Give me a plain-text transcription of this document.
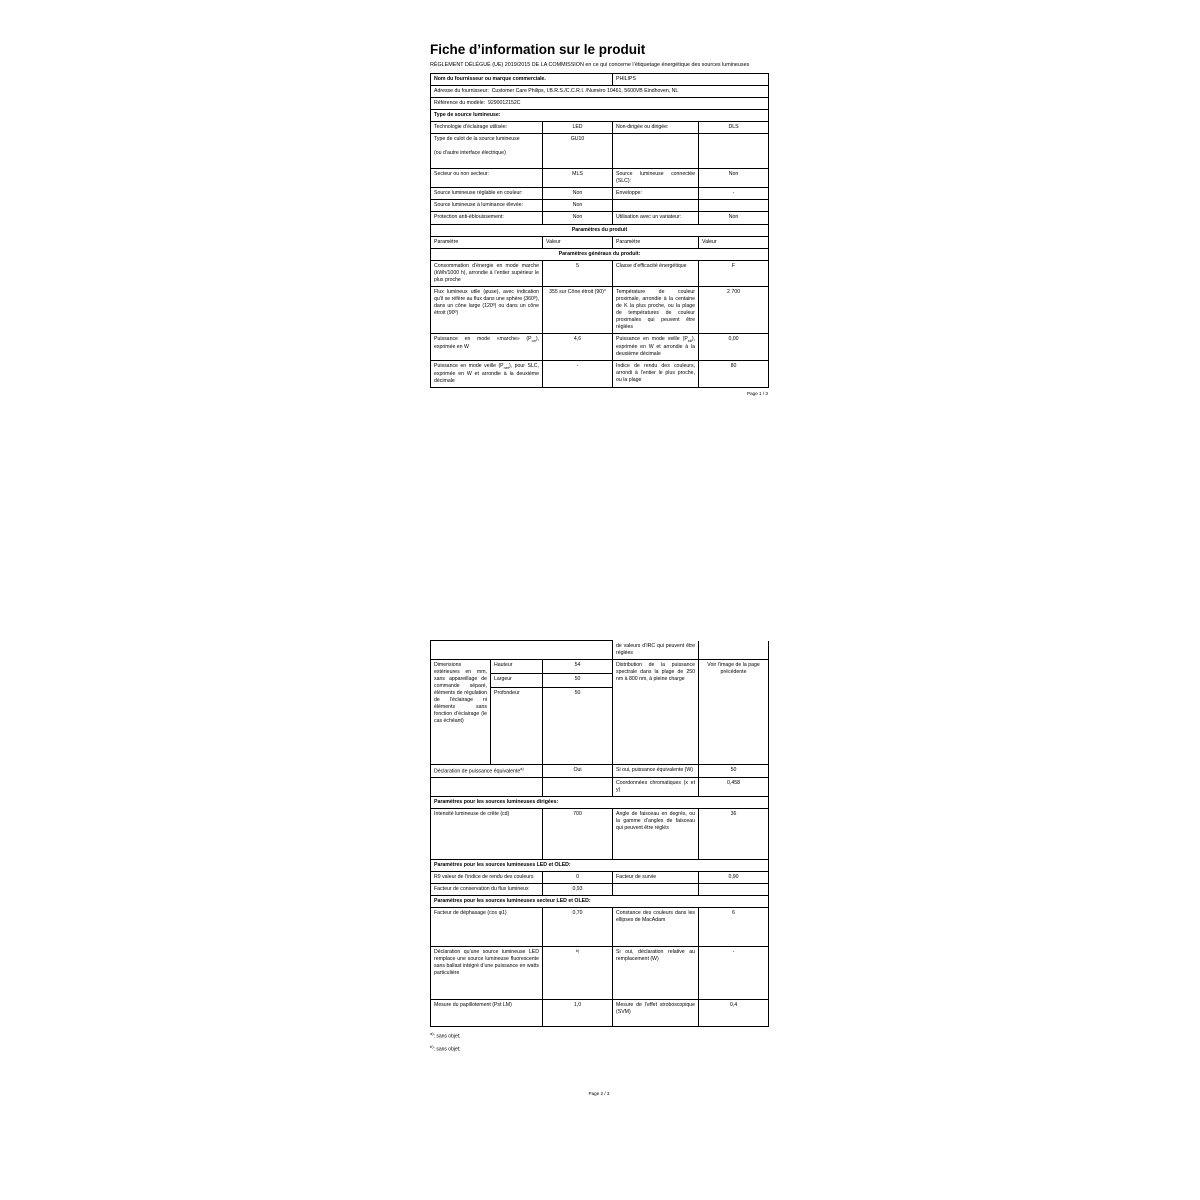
Fiche d’information sur le produit
RÈGLEMENT DÉLÉGUÉ (UE) 2019/2015 DE LA COMMISSION en ce qui concerne l’étiquetage énergétique des sources lumineuses
Nom du fournisseur ou marque commerciale.		PHILIPS	
Adresse du fournisseur: Customer Care Philips, I.B.R.S./C.C.R.I. /Numéro 10461, 5600VB Eindhoven, NL			
Référence du modèle: 9290012152C			
Type de source lumineuse:			
Technologie d’éclairage utilisée:	LED	Non-dirigée ou dirigée:	DLS
Type de culot de la source lumineuse

(ou d’autre interface électrique)	GU10		
Secteur ou non secteur:	MLS	Source lumineuse connectée (SLC):	Non
Source lumineuse réglable en couleur:	Non	Enveloppe:	-
Source lumineuse à luminance élevée:	Non		
Protection anti-éblouissement:	Non	Utilisation avec un variateur:	Non
Paramètres du produit			
Paramètre	Valeur	Paramètre	Valeur
Paramètres généraux du produit:			
Consommation d’énergie en mode marche (kWh/1000 h), arrondie à l’entier supérieur le plus proche	5	Classe d’efficacité énergétique	F
Flux lumineux utile (φuse), avec indication qu’il se réfère au flux dans une sphère (360º), dans un cône large (120º) ou dans un cône étroit (90º)	355 sur Cône étroit (90)°	Température de couleur proximale, arrondie à la centaine de K la plus proche, ou la plage de températures de couleur proximales qui peuvent être réglées	2 700
Puissance en mode «marche» $(P_{on})$, exprimée en W	4,6	Puissance en mode veille $(P_{sb})$, exprimée en W et arrondie à la deuxième décimale	0,00
Puissance en mode veille $(P_{net})$, pour SLC, exprimée en W et arrondie à la deuxième décimale	-	Indice de rendu des couleurs, arrondi à l’entier le plus proche, ou la plage	80
Page 1 / 3
			de valeurs d’IRC qui peuvent être réglées	
Dimensions extérieures en mm, sans appareillage de commande séparé, éléments de régulation de l’éclairage ni éléments sans fonction d’éclairage (le cas échéant)	Hauteur	54	Distribution de la puissance spectrale dans la plage de 250 nm à 800 nm, à pleine charge	Voir l’image de la page précédente
	Largeur	50		
	Profondeur	50		
Déclaration de puissance équivalente$^{a)}$		Oui	Si oui, puissance équivalente (W)	50
			Coordonnées chromatiques (x et y)	0,458
Paramètres pour les sources lumineuses dirigées:				
Intensité lumineuse de crête (cd)		700	Angle de faisceau en degrés, ou la gamme d’angles de faisceau qui peuvent être réglés	36
Paramètres pour les sources lumineuses LED et OLED:				
R9 valeur de l’indice de rendu des couleurs		0	Facteur de survie	0,90
Facteur de conservation du flux lumineux		0,93		
Paramètres pour les sources lumineuses secteur LED et OLED:				
Facteur de déphasage (cos φ1)		0,70	Constance des couleurs dans les ellipses de MacAdam	6
Déclaration qu’une source lumineuse LED remplace une source lumineuse fluorescente sans ballast intégré d’une puissance en watts particulière		$^{b)}$	Si oui, déclaration relative au remplacement (W)	-
Mesure du papillotement (Pst LM)		1,0	Mesure de l’effet stroboscopique (SVM)	0,4
$^{a)}$: sans objet;
$^{b)}$: sans objet;
Page 2 / 3
